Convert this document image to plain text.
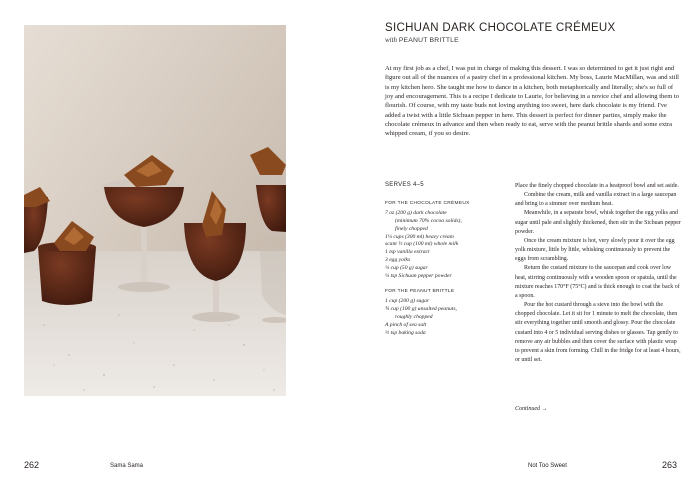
SICHUAN DARK CHOCOLATE CRÉMEUX
with PEANUT BRITTLE

At my first job as a chef, I was put in charge of making this dessert. I was so determined to get it just right and figure out all of the nuances of a pastry chef in a professional kitchen. My boss, Laurie MacMillan, was and still is my kitchen hero. She taught me how to dance in a kitchen, both metaphorically and literally; she's so full of joy and encouragement. This is a recipe I dedicate to Laurie, for believing in a novice chef and allowing them to flourish. Of course, with my taste buds not loving anything too sweet, here dark chocolate is my friend. I've added a twist with a little Sichuan pepper in here. This dessert is perfect for dinner parties, simply make the chocolate crémeux in advance and then when ready to eat, serve with the peanut brittle shards and some extra whipped cream, if you so desire.

SERVES 4–5
FOR THE CHOCOLATE CRÉMEUX
7 oz (200 g) dark chocolate
(minimum 70% cocoa solids),
finely chopped
1¼ cups (300 ml) heavy cream
scant ½ cup (100 ml) whole milk
1 tsp vanilla extract
3 egg yolks
¼ cup (50 g) sugar
¼ tsp Sichuan pepper powder
FOR THE PEANUT BRITTLE
1 cup (200 g) sugar
¾ cup (100 g) unsalted peanuts,
roughly chopped
A pinch of sea salt
½ tsp baking soda

Place the finely chopped chocolate in a heatproof bowl and set aside.

Combine the cream, milk and vanilla extract in a large saucepan and bring to a simmer over medium heat.

Meanwhile, in a separate bowl, whisk together the egg yolks and sugar until pale and slightly thickened, then stir in the Sichuan pepper powder.

Once the cream mixture is hot, very slowly pour it over the egg yolk mixture, little by little, whisking continuously to prevent the eggs from scrambling.

Return the custard mixture to the saucepan and cook over low heat, stirring continuously with a wooden spoon or spatula, until the mixture reaches 170°F (75°C) and is thick enough to coat the back of a spoon.

Pour the hot custard through a sieve into the bowl with the chopped chocolate. Let it sit for 1 minute to melt the chocolate, then stir everything together until smooth and glossy. Pour the chocolate custard into 4 or 5 individual serving dishes or glasses. Tap gently to remove any air bubbles and then cover the surface with plastic wrap to prevent a skin from forming. Chill in the fridge for at least 4 hours, or until set.

Continued →
262	Sama Sama	Not Too Sweet	263
